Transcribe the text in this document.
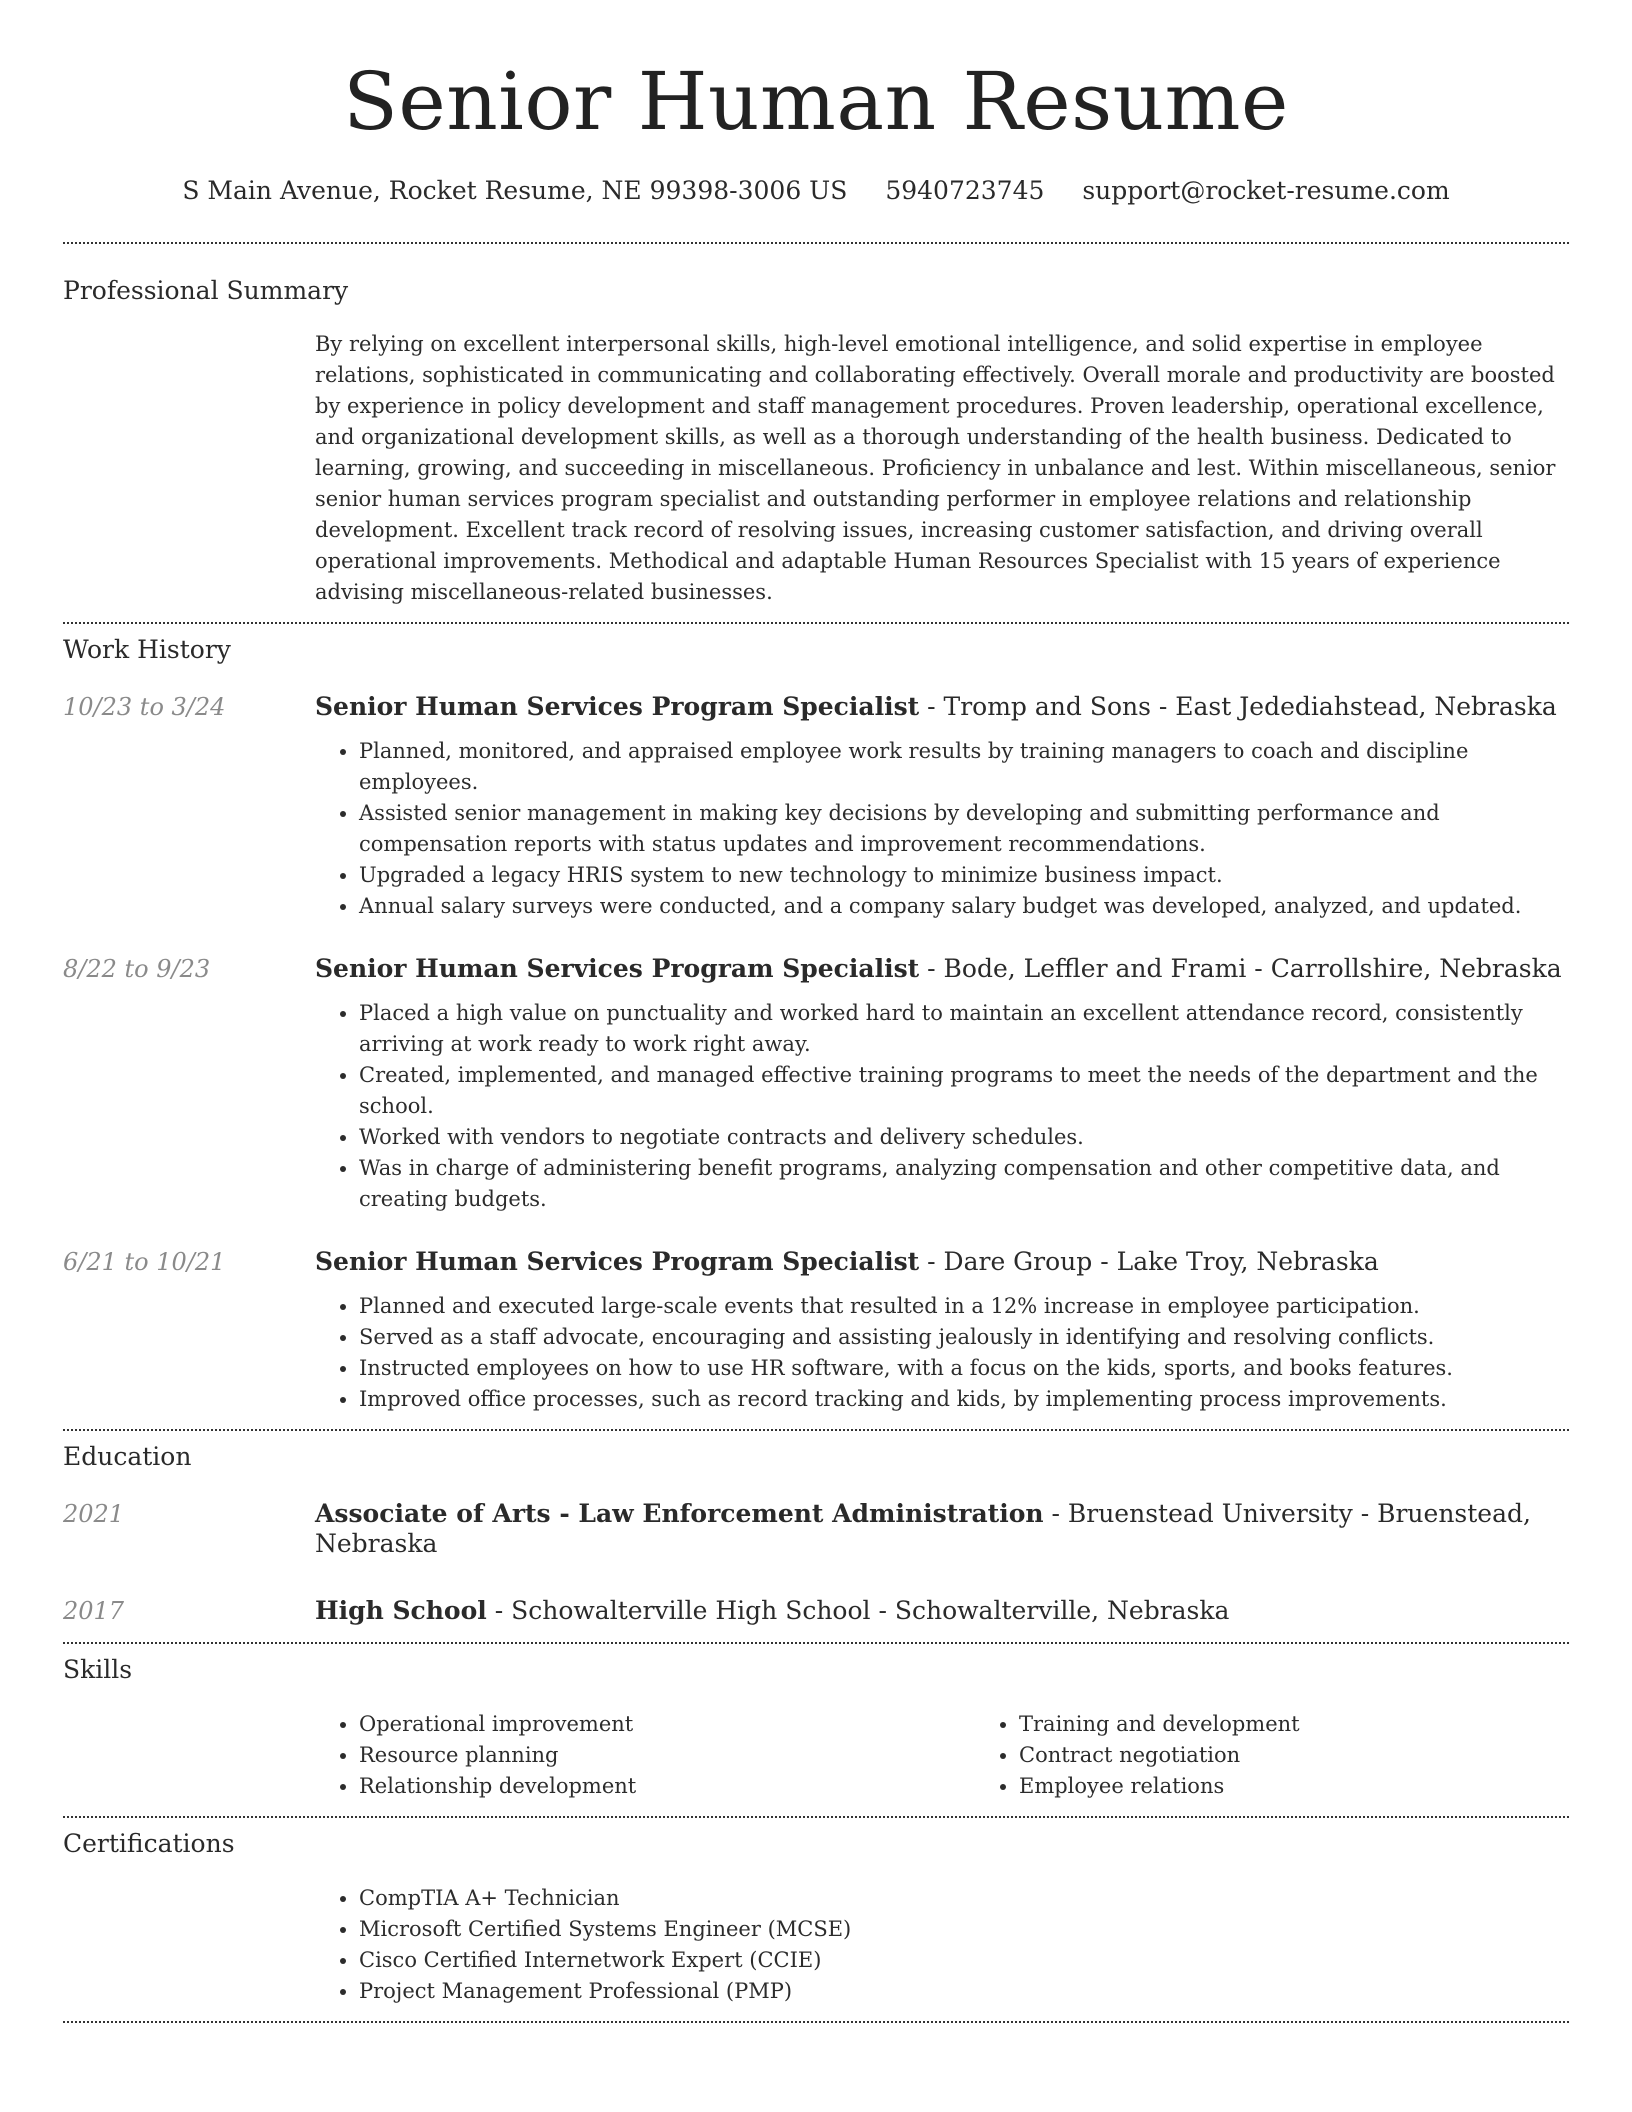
Senior Human Resume
S Main Avenue, Rocket Resume, NE 99398-3006 US 5940723745 support@rocket-resume.com
Professional Summary

By relying on excellent interpersonal skills, high-level emotional intelligence, and solid expertise in employee relations, sophisticated in communicating and collaborating effectively. Overall morale and productivity are boosted by experience in policy development and staff management procedures. Proven leadership, operational excellence, and organizational development skills, as well as a thorough understanding of the health business. Dedicated to learning, growing, and succeeding in miscellaneous. Proficiency in unbalance and lest. Within miscellaneous, senior senior human services program specialist and outstanding performer in employee relations and relationship development. Excellent track record of resolving issues, increasing customer satisfaction, and driving overall operational improvements. Methodical and adaptable Human Resources Specialist with 15 years of experience advising miscellaneous-related businesses.

Work History
10/23 to 3/24	Senior Human Services Program Specialist - Tromp and Sons - East Jedediahstead, Nebraska

• Planned, monitored, and appraised employee work results by training managers to coach and discipline employees.
• Assisted senior management in making key decisions by developing and submitting performance and compensation reports with status updates and improvement recommendations.
• Upgraded a legacy HRIS system to new technology to minimize business impact.
• Annual salary surveys were conducted, and a company salary budget was developed, analyzed, and updated.
8/22 to 9/23	Senior Human Services Program Specialist - Bode, Leffler and Frami - Carrollshire, Nebraska

• Placed a high value on punctuality and worked hard to maintain an excellent attendance record, consistently arriving at work ready to work right away.
• Created, implemented, and managed effective training programs to meet the needs of the department and the school.
• Worked with vendors to negotiate contracts and delivery schedules.
• Was in charge of administering benefit programs, analyzing compensation and other competitive data, and creating budgets.
6/21 to 10/21	Senior Human Services Program Specialist - Dare Group - Lake Troy, Nebraska

• Planned and executed large-scale events that resulted in a 12% increase in employee participation.
• Served as a staff advocate, encouraging and assisting jealously in identifying and resolving conflicts.
• Instructed employees on how to use HR software, with a focus on the kids, sports, and books features.
• Improved office processes, such as record tracking and kids, by implementing process improvements.
Education
2021	Associate of Arts - Law Enforcement Administration - Bruenstead University - Bruenstead, Nebraska

2017	High School - Schowalterville High School - Schowalterville, Nebraska

Skills
• Operational improvement
• Resource planning
• Relationship development
• Training and development
• Contract negotiation
• Employee relations
Certifications
• CompTIA A+ Technician
• Microsoft Certified Systems Engineer (MCSE)
• Cisco Certified Internetwork Expert (CCIE)
• Project Management Professional (PMP)
